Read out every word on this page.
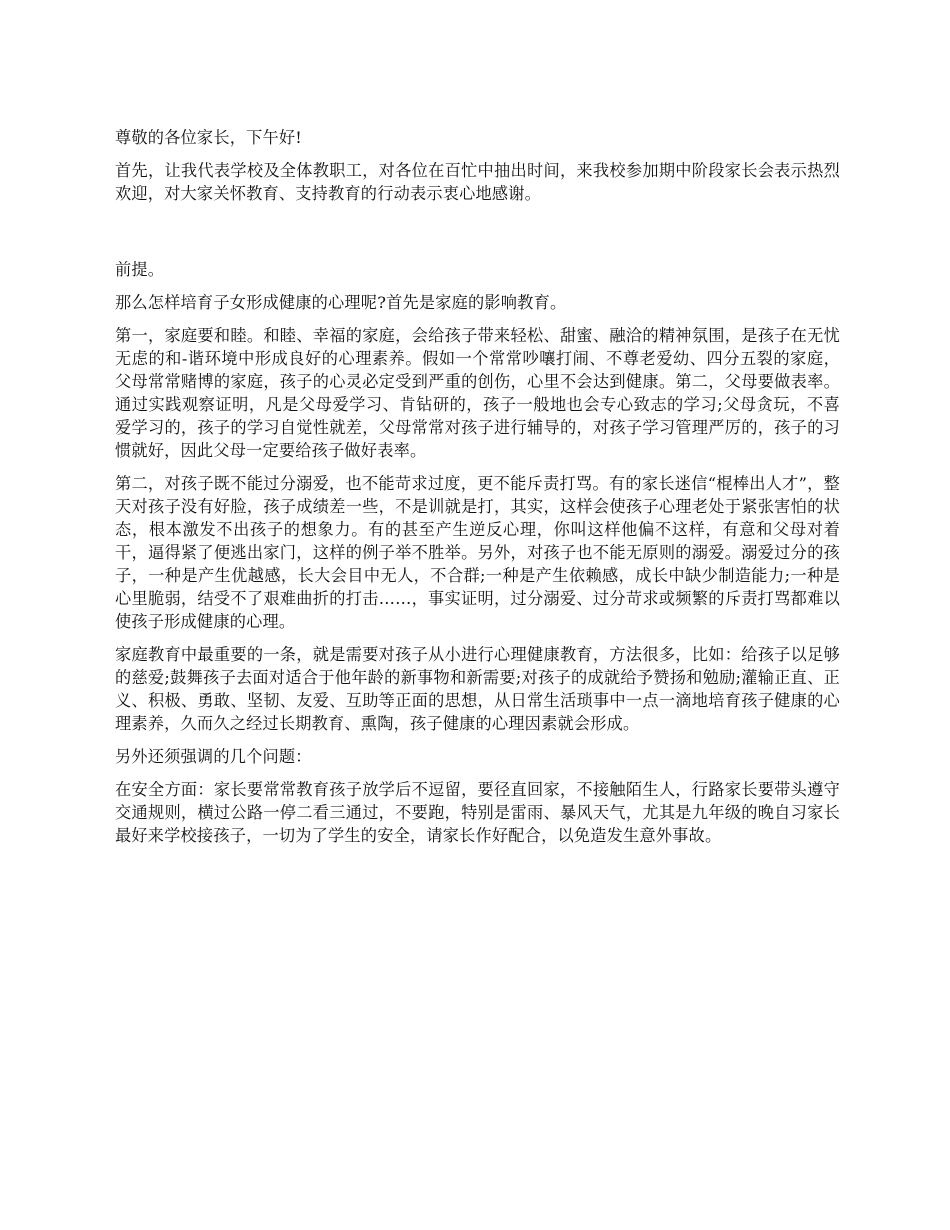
尊敬的各位家长，下午好!

首先，让我代表学校及全体教职工，对各位在百忙中抽出时间，来我校参加期中阶段家长会表示热烈欢迎，对大家关怀教育、支持教育的行动表示衷心地感谢。

前提。

那么怎样培育子女形成健康的心理呢?首先是家庭的影响教育。

第一，家庭要和睦。和睦、幸福的家庭，会给孩子带来轻松、甜蜜、融洽的精神氛围，是孩子在无忧无虑的和-谐环境中形成良好的心理素养。假如一个常常吵嚷打闹、不尊老爱幼、四分五裂的家庭，父母常常赌博的家庭，孩子的心灵必定受到严重的创伤，心里不会达到健康。第二，父母要做表率。通过实践观察证明，凡是父母爱学习、肯钻研的，孩子一般地也会专心致志的学习;父母贪玩，不喜爱学习的，孩子的学习自觉性就差，父母常常对孩子进行辅导的，对孩子学习管理严厉的，孩子的习惯就好，因此父母一定要给孩子做好表率。

第二，对孩子既不能过分溺爱，也不能苛求过度，更不能斥责打骂。有的家长迷信“棍棒出人才”，整天对孩子没有好脸，孩子成绩差一些，不是训就是打，其实，这样会使孩子心理老处于紧张害怕的状态，根本激发不出孩子的想象力。有的甚至产生逆反心理，你叫这样他偏不这样，有意和父母对着干，逼得紧了便逃出家门，这样的例子举不胜举。另外，对孩子也不能无原则的溺爱。溺爱过分的孩子，一种是产生优越感，长大会目中无人，不合群;一种是产生依赖感，成长中缺少制造能力;一种是心里脆弱，结受不了艰难曲折的打击……，事实证明，过分溺爱、过分苛求或频繁的斥责打骂都难以使孩子形成健康的心理。

家庭教育中最重要的一条，就是需要对孩子从小进行心理健康教育，方法很多，比如：给孩子以足够的慈爱;鼓舞孩子去面对适合于他年龄的新事物和新需要;对孩子的成就给予赞扬和勉励;灌输正直、正义、积极、勇敢、坚韧、友爱、互助等正面的思想，从日常生活琐事中一点一滴地培育孩子健康的心理素养，久而久之经过长期教育、熏陶，孩子健康的心理因素就会形成。

另外还须强调的几个问题：

在安全方面：家长要常常教育孩子放学后不逗留，要径直回家，不接触陌生人，行路家长要带头遵守交通规则，横过公路一停二看三通过，不要跑，特别是雷雨、暴风天气，尤其是九年级的晚自习家长最好来学校接孩子，一切为了学生的安全，请家长作好配合，以免造发生意外事故。
